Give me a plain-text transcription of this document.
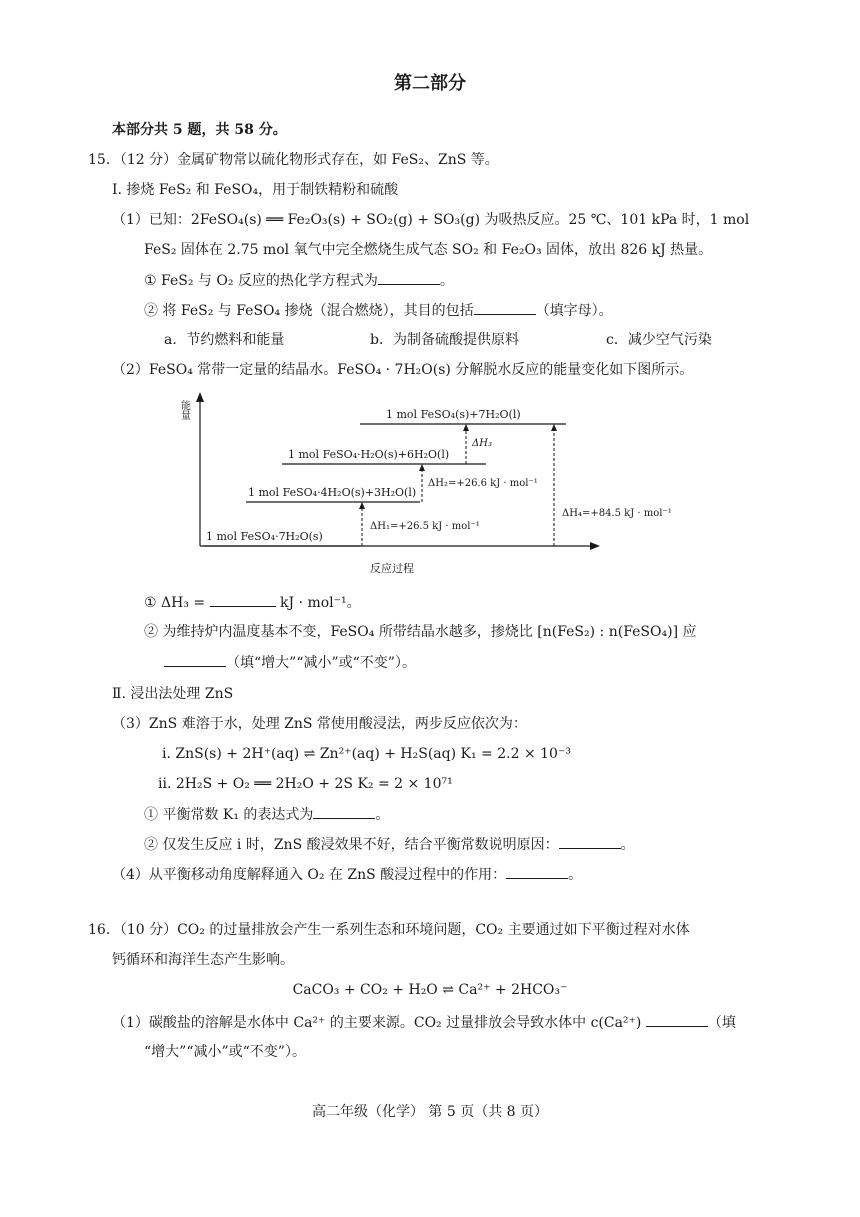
第二部分
本部分共 5 题，共 58 分。
15．（12 分）金属矿物常以硫化物形式存在，如 FeS₂、ZnS 等。
Ⅰ. 掺烧 FeS₂ 和 FeSO₄，用于制铁精粉和硫酸
（1）已知：2FeSO₄(s) ══ Fe₂O₃(s) + SO₂(g) + SO₃(g) 为吸热反应。25 ℃、101 kPa 时，1 mol
FeS₂ 固体在 2.75 mol 氧气中完全燃烧生成气态 SO₂ 和 Fe₂O₃ 固体，放出 826 kJ 热量。
① FeS₂ 与 O₂ 反应的热化学方程式为	。
② 将 FeS₂ 与 FeSO₄ 掺烧（混合燃烧），其目的包括	（填字母）。
a．节约燃料和能量	b．为制备硫酸提供原料	c．减少空气污染
（2）FeSO₄ 常带一定量的结晶水。FeSO₄ · 7H₂O(s) 分解脱水反应的能量变化如下图所示。
能量
反应过程
1 mol FeSO₄(s)+7H₂O(l)
1 mol FeSO₄·H₂O(s)+6H₂O(l)
1 mol FeSO₄·4H₂O(s)+3H₂O(l)
1 mol FeSO₄·7H₂O(s)
ΔH₁=+26.5 kJ · mol⁻¹
ΔH₂=+26.6 kJ · mol⁻¹
ΔH₃
ΔH₄=+84.5 kJ · mol⁻¹
① ΔH₃ =	kJ · mol⁻¹。
② 为维持炉内温度基本不变，FeSO₄ 所带结晶水越多，掺烧比 [n(FeS₂) : n(FeSO₄)] 应
（填“增大”“减小”或“不变”）。
Ⅱ. 浸出法处理 ZnS
（3）ZnS 难溶于水，处理 ZnS 常使用酸浸法，两步反应依次为：
i. ZnS(s) + 2H⁺(aq) ⇌ Zn²⁺(aq) + H₂S(aq) K₁ = 2.2 × 10⁻³
ii. 2H₂S + O₂ ══ 2H₂O + 2S K₂ = 2 × 10⁷¹
① 平衡常数 K₁ 的表达式为	。
② 仅发生反应 i 时，ZnS 酸浸效果不好，结合平衡常数说明原因：	。
（4）从平衡移动角度解释通入 O₂ 在 ZnS 酸浸过程中的作用：	。
16．（10 分）CO₂ 的过量排放会产生一系列生态和环境问题，CO₂ 主要通过如下平衡过程对水体
钙循环和海洋生态产生影响。
CaCO₃ + CO₂ + H₂O ⇌ Ca²⁺ + 2HCO₃⁻
（1）碳酸盐的溶解是水体中 Ca²⁺ 的主要来源。CO₂ 过量排放会导致水体中 c(Ca²⁺)	（填
“增大”“减小”或“不变”）。
高二年级（化学） 第 5 页（共 8 页）
